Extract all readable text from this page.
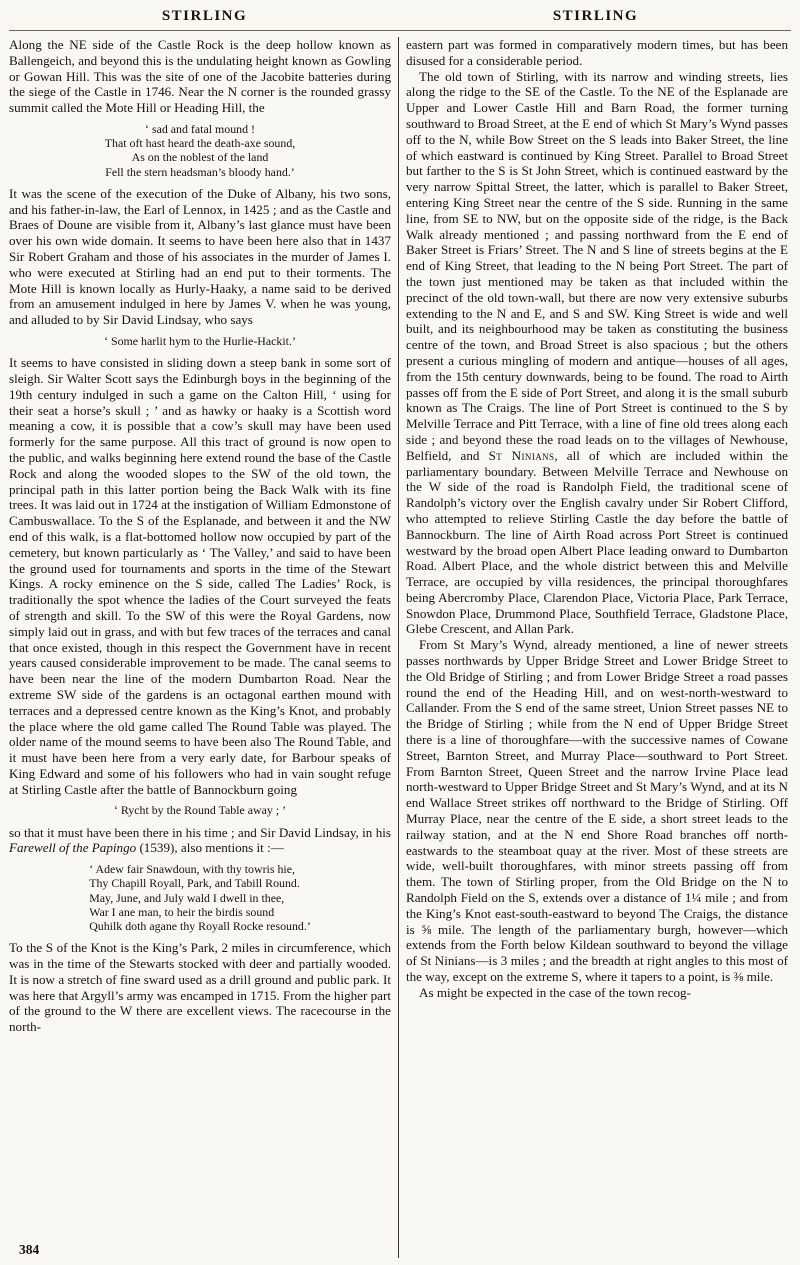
STIRLING	STIRLING

Along the NE side of the Castle Rock is the deep hollow known as Ballengeich, and beyond this is the undulating height known as Gowling or Gowan Hill. This was the site of one of the Jacobite batteries during the siege of the Castle in 1746. Near the N corner is the rounded grassy summit called the Mote Hill or Heading Hill, the

‘ sad and fatal mound !
That oft hast heard the death-axe sound,
As on the noblest of the land
Fell the stern headsman’s bloody hand.’

It was the scene of the execution of the Duke of Albany, his two sons, and his father-in-law, the Earl of Lennox, in 1425 ; and as the Castle and Braes of Doune are visible from it, Albany’s last glance must have been over his own wide domain. It seems to have been here also that in 1437 Sir Robert Graham and those of his associates in the murder of James I. who were executed at Stirling had an end put to their torments. The Mote Hill is known locally as Hurly-Haaky, a name said to be derived from an amusement indulged in here by James V. when he was young, and alluded to by Sir David Lindsay, who says

‘ Some harlit hym to the Hurlie-Hackit.’

It seems to have consisted in sliding down a steep bank in some sort of sleigh. Sir Walter Scott says the Edinburgh boys in the beginning of the 19th century indulged in such a game on the Calton Hill, ‘ using for their seat a horse’s skull ; ’ and as hawky or haaky is a Scottish word meaning a cow, it is possible that a cow’s skull may have been used formerly for the same purpose. All this tract of ground is now open to the public, and walks beginning here extend round the base of the Castle Rock and along the wooded slopes to the SW of the old town, the principal path in this latter portion being the Back Walk with its fine trees. It was laid out in 1724 at the instigation of William Edmonstone of Cambuswallace. To the S of the Esplanade, and between it and the NW end of this walk, is a flat-bottomed hollow now occupied by part of the cemetery, but known particularly as ‘ The Valley,’ and said to have been the ground used for tournaments and sports in the time of the Stewart Kings. A rocky eminence on the S side, called The Ladies’ Rock, is traditionally the spot whence the ladies of the Court surveyed the feats of strength and skill. To the SW of this were the Royal Gardens, now simply laid out in grass, and with but few traces of the terraces and canal that once existed, though in this respect the Government have in recent years caused considerable improvement to be made. The canal seems to have been near the line of the modern Dumbarton Road. Near the extreme SW side of the gardens is an octagonal earthen mound with terraces and a depressed centre known as the King’s Knot, and probably the place where the old game called The Round Table was played. The older name of the mound seems to have been also The Round Table, and it must have been here from a very early date, for Barbour speaks of King Edward and some of his followers who had in vain sought refuge at Stirling Castle after the battle of Bannockburn going

‘ Rycht by the Round Table away ; ’

so that it must have been there in his time ; and Sir David Lindsay, in his Farewell of the Papingo (1539), also mentions it :—

‘ Adew fair Snawdoun, with thy towris hie,
Thy Chapill Royall, Park, and Tabill Round.
May, June, and July wald I dwell in thee,
War I ane man, to heir the birdis sound
Quhilk doth agane thy Royall Rocke resound.’

To the S of the Knot is the King’s Park, 2 miles in circumference, which was in the time of the Stewarts stocked with deer and partially wooded. It is now a stretch of fine sward used as a drill ground and public park. It was here that Argyll’s army was encamped in 1715. From the higher part of the ground to the W there are excellent views. The racecourse in the north-

384

eastern part was formed in comparatively modern times, but has been disused for a considerable period.

The old town of Stirling, with its narrow and winding streets, lies along the ridge to the SE of the Castle. To the NE of the Esplanade are Upper and Lower Castle Hill and Barn Road, the former turning southward to Broad Street, at the E end of which St Mary’s Wynd passes off to the N, while Bow Street on the S leads into Baker Street, the line of which eastward is continued by King Street. Parallel to Broad Street but farther to the S is St John Street, which is continued eastward by the very narrow Spittal Street, the latter, which is parallel to Baker Street, entering King Street near the centre of the S side. Running in the same line, from SE to NW, but on the opposite side of the ridge, is the Back Walk already mentioned ; and passing northward from the E end of Baker Street is Friars’ Street. The N and S line of streets begins at the E end of King Street, that leading to the N being Port Street. The part of the town just mentioned may be taken as that included within the precinct of the old town-wall, but there are now very extensive suburbs extending to the N and E, and S and SW. King Street is wide and well built, and its neighbourhood may be taken as constituting the business centre of the town, and Broad Street is also spacious ; but the others present a curious mingling of modern and antique—houses of all ages, from the 15th century downwards, being to be found. The road to Airth passes off from the E side of Port Street, and along it is the small suburb known as The Craigs. The line of Port Street is continued to the S by Melville Terrace and Pitt Terrace, with a line of fine old trees along each side ; and beyond these the road leads on to the villages of Newhouse, Belfield, and St Ninians, all of which are included within the parliamentary boundary. Between Melville Terrace and Newhouse on the W side of the road is Randolph Field, the traditional scene of Randolph’s victory over the English cavalry under Sir Robert Clifford, who attempted to relieve Stirling Castle the day before the battle of Bannockburn. The line of Airth Road across Port Street is continued westward by the broad open Albert Place leading onward to Dumbarton Road. Albert Place, and the whole district between this and Melville Terrace, are occupied by villa residences, the principal thoroughfares being Abercromby Place, Clarendon Place, Victoria Place, Park Terrace, Snowdon Place, Drummond Place, Southfield Terrace, Gladstone Place, Glebe Crescent, and Allan Park.

From St Mary’s Wynd, already mentioned, a line of newer streets passes northwards by Upper Bridge Street and Lower Bridge Street to the Old Bridge of Stirling ; and from Lower Bridge Street a road passes round the end of the Heading Hill, and on west-north-westward to Callander. From the S end of the same street, Union Street passes NE to the Bridge of Stirling ; while from the N end of Upper Bridge Street there is a line of thoroughfare—with the successive names of Cowane Street, Barnton Street, and Murray Place—southward to Port Street. From Barnton Street, Queen Street and the narrow Irvine Place lead north-westward to Upper Bridge Street and St Mary’s Wynd, and at its N end Wallace Street strikes off northward to the Bridge of Stirling. Off Murray Place, near the centre of the E side, a short street leads to the railway station, and at the N end Shore Road branches off north-eastwards to the steamboat quay at the river. Most of these streets are wide, well-built thoroughfares, with minor streets passing off from them. The town of Stirling proper, from the Old Bridge on the N to Randolph Field on the S, extends over a distance of 1¼ mile ; and from the King’s Knot east-south-eastward to beyond The Craigs, the distance is ⅝ mile. The length of the parliamentary burgh, however—which extends from the Forth below Kildean southward to beyond the village of St Ninians—is 3 miles ; and the breadth at right angles to this most of the way, except on the extreme S, where it tapers to a point, is ⅜ mile.

As might be expected in the case of the town recog-
